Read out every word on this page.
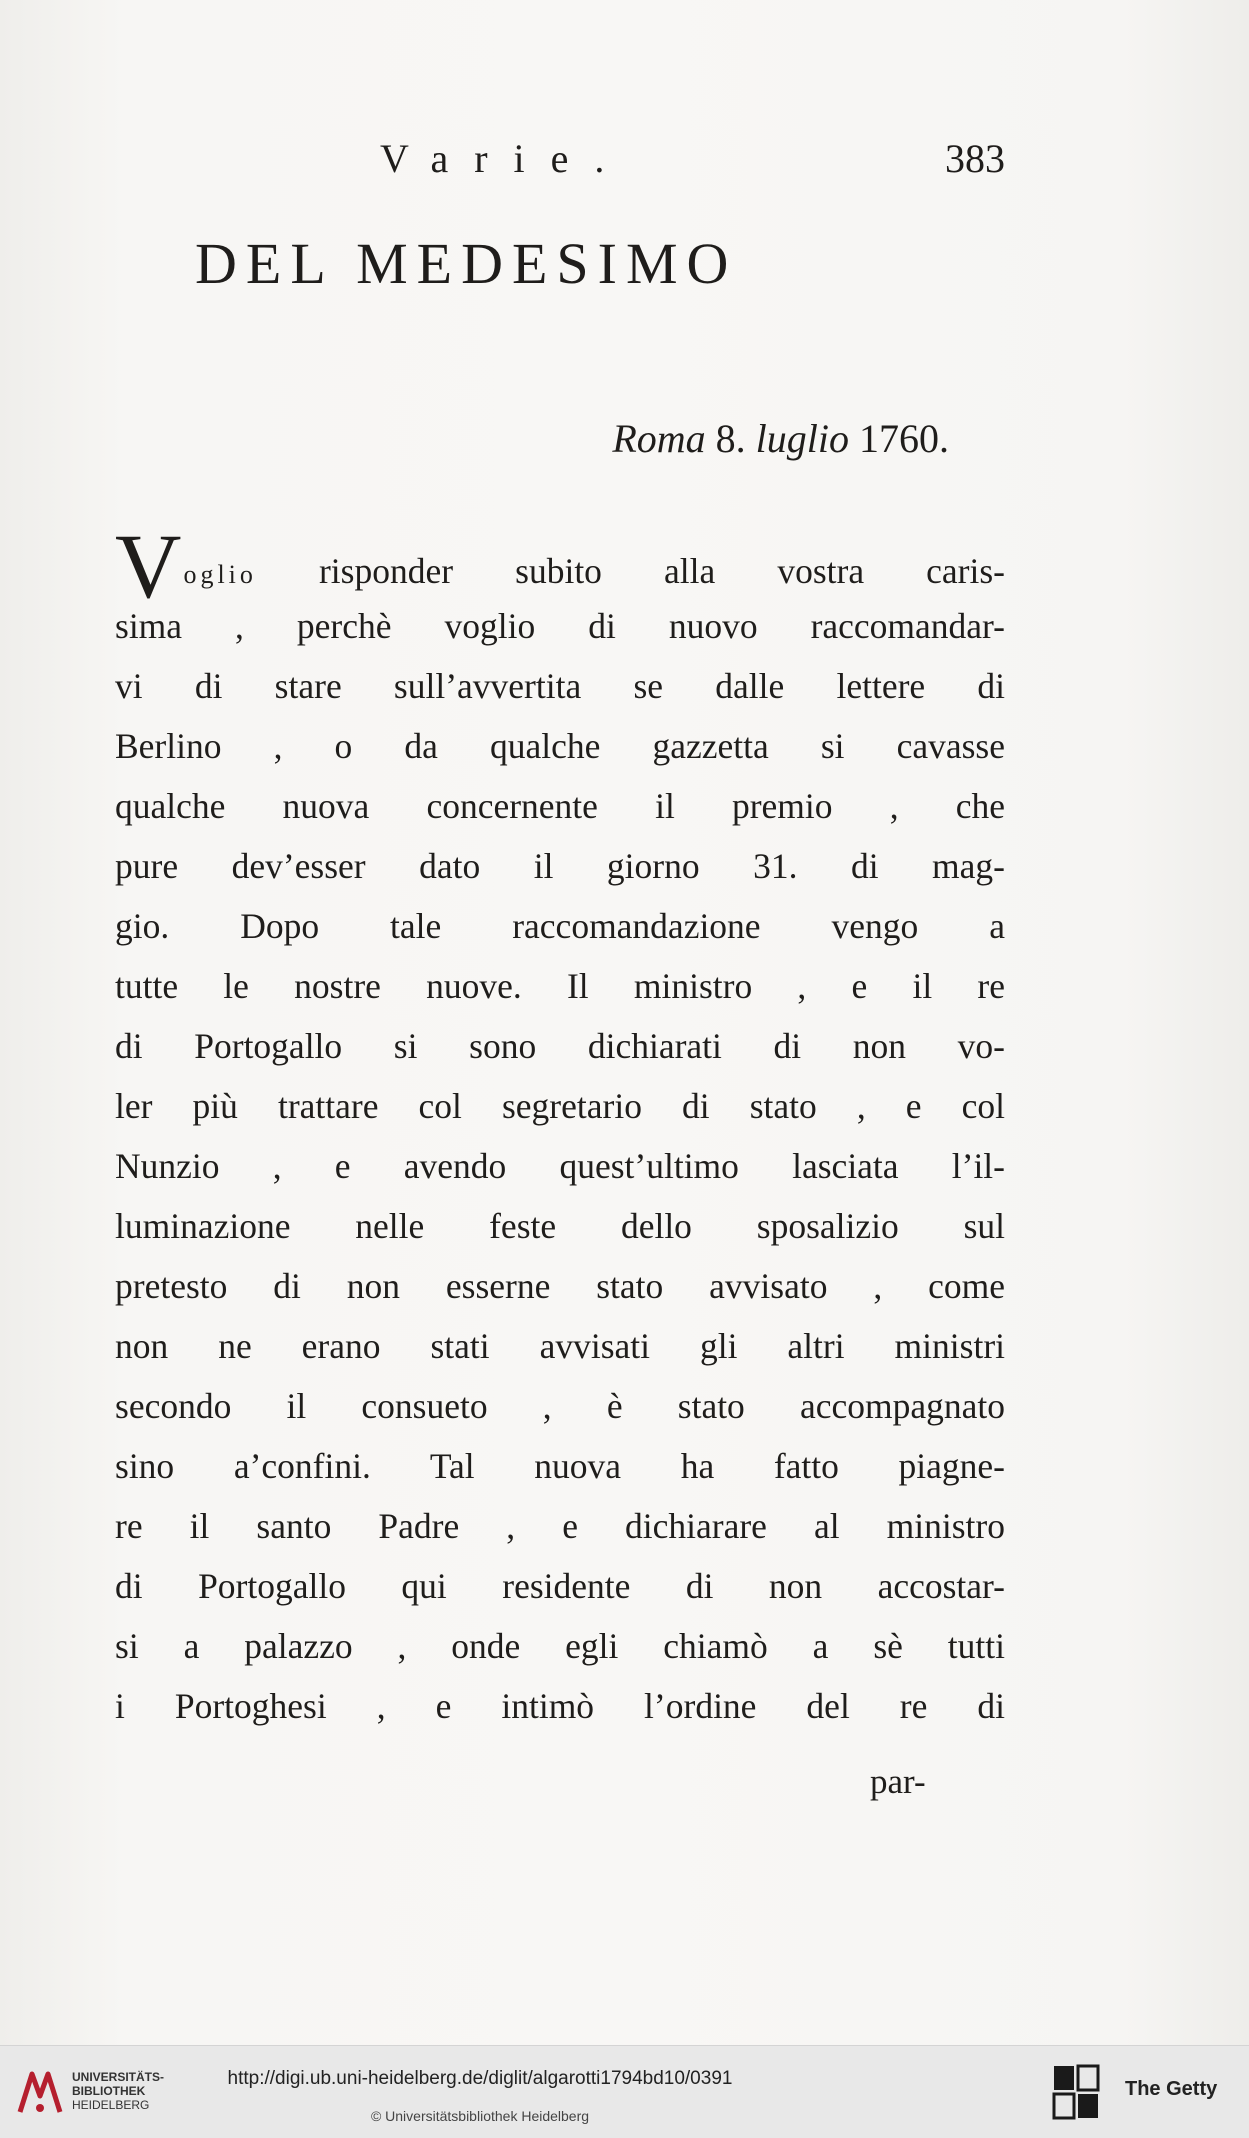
Varie.	383
DEL MEDESIMO
Roma 8. luglio 1760.
Voglio risponder subito alla vostra caris-
sima , perchè voglio di nuovo raccomandar-
vi di stare sull’avvertita se dalle lettere di
Berlino , o da qualche gazzetta si cavasse
qualche nuova concernente il premio , che
pure dev’esser dato il giorno 31. di mag-
gio. Dopo tale raccomandazione vengo a
tutte le nostre nuove. Il ministro , e il re
di Portogallo si sono dichiarati di non vo-
ler più trattare col segretario di stato , e col
Nunzio , e avendo quest’ultimo lasciata l’il-
luminazione nelle feste dello sposalizio sul
pretesto di non esserne stato avvisato , come
non ne erano stati avvisati gli altri ministri
secondo il consueto , è stato accompagnato
sino a’confini. Tal nuova ha fatto piagne-
re il santo Padre , e dichiarare al ministro
di Portogallo qui residente di non accostar-
si a palazzo , onde egli chiamò a sè tutti
i Portoghesi , e intimò l’ordine del re di
par-
UNIVERSITÄTS-
BIBLIOTHEK
HEIDELBERG
http://digi.ub.uni-heidelberg.de/diglit/algarotti1794bd10/0391
© Universitätsbibliothek Heidelberg
The Getty
